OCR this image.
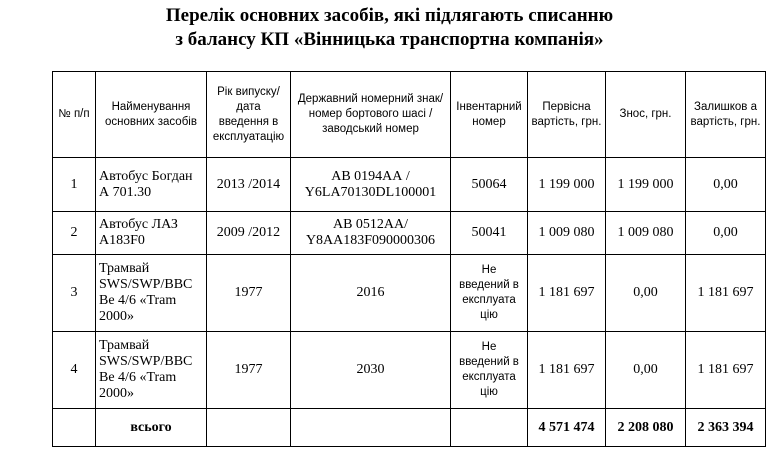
Перелік основних засобів, які підлягають списанню
з балансу КП «Вінницька транспортна компанія»
№ п/п	Найменування основних засобів	Рік випуску/ дата введення в експлуатацію	Державний номерний знак/ номер бортового шасі /заводський номер	Інвентарний номер	Первісна вартість, грн.	Знос, грн.	Залишков а вартість, грн.
1	Автобус Богдан А 701.30	2013 /2014	АВ 0194АА / Y6LA70130DL100001	50064	1 199 000	1 199 000	0,00
2	Автобус ЛАЗ А183F0	2009 /2012	АВ 0512АА/ Y8AA183F090000306	50041	1 009 080	1 009 080	0,00
3	Трамвай SWS/SWP/BBC Be 4/6 «Tram 2000»	1977	2016	Не введений в експлуата цію	1 181 697	0,00	1 181 697
4	Трамвай SWS/SWP/BBC Be 4/6 «Tram 2000»	1977	2030	Не введений в експлуата цію	1 181 697	0,00	1 181 697
	всього				4 571 474	2 208 080	2 363 394
